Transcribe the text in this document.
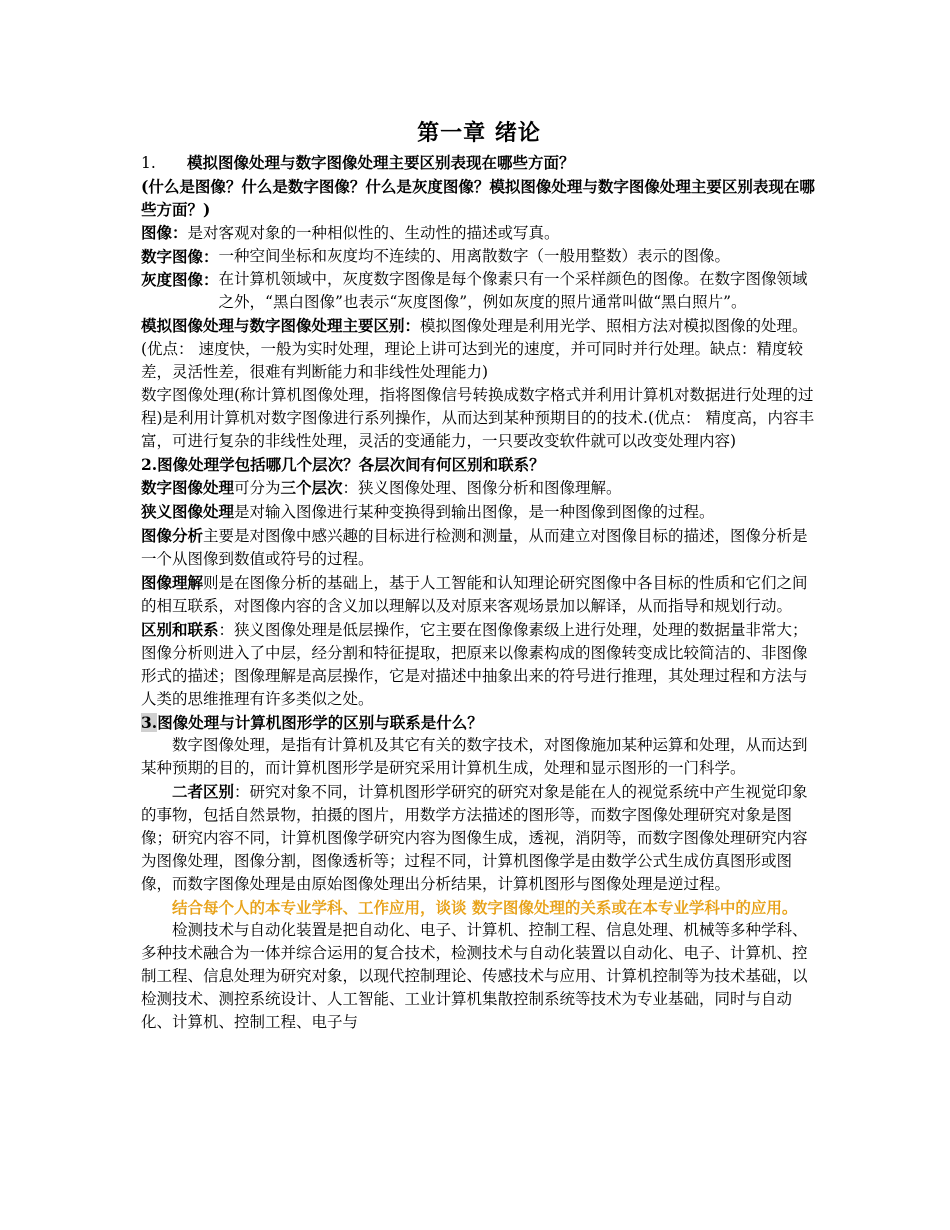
第一章 绪论

1. 模拟图像处理与数字图像处理主要区别表现在哪些方面？

(什么是图像？什么是数字图像？什么是灰度图像？模拟图像处理与数字图像处理主要区别表现在哪些方面？)

图像：是对客观对象的一种相似性的、生动性的描述或写真。

数字图像： 一种空间坐标和灰度均不连续的、用离散数字（一般用整数）表示的图像。
灰度图像： 在计算机领域中，灰度数字图像是每个像素只有一个采样颜色的图像。在数字图像领域之外，“黑白图像”也表示“灰度图像”，例如灰度的照片通常叫做“黑白照片”。

模拟图像处理与数字图像处理主要区别：模拟图像处理是利用光学、照相方法对模拟图像的处理。(优点： 速度快，一般为实时处理，理论上讲可达到光的速度，并可同时并行处理。缺点：精度较差，灵活性差，很难有判断能力和非线性处理能力)

数字图像处理(称计算机图像处理，指将图像信号转换成数字格式并利用计算机对数据进行处理的过程)是利用计算机对数字图像进行系列操作，从而达到某种预期目的的技术.(优点： 精度高，内容丰富，可进行复杂的非线性处理，灵活的变通能力，一只要改变软件就可以改变处理内容)

2.图像处理学包括哪几个层次？各层次间有何区别和联系？

数字图像处理可分为三个层次：狭义图像处理、图像分析和图像理解。

狭义图像处理是对输入图像进行某种变换得到输出图像，是一种图像到图像的过程。

图像分析主要是对图像中感兴趣的目标进行检测和测量，从而建立对图像目标的描述，图像分析是一个从图像到数值或符号的过程。

图像理解则是在图像分析的基础上，基于人工智能和认知理论研究图像中各目标的性质和它们之间的相互联系，对图像内容的含义加以理解以及对原来客观场景加以解译，从而指导和规划行动。

区别和联系：狭义图像处理是低层操作，它主要在图像像素级上进行处理，处理的数据量非常大；图像分析则进入了中层，经分割和特征提取，把原来以像素构成的图像转变成比较简洁的、非图像形式的描述；图像理解是高层操作，它是对描述中抽象出来的符号进行推理，其处理过程和方法与人类的思维推理有许多类似之处。

3.图像处理与计算机图形学的区别与联系是什么？

数字图像处理，是指有计算机及其它有关的数字技术，对图像施加某种运算和处理，从而达到某种预期的目的，而计算机图形学是研究采用计算机生成，处理和显示图形的一门科学。

二者区别：研究对象不同，计算机图形学研究的研究对象是能在人的视觉系统中产生视觉印象的事物，包括自然景物，拍摄的图片，用数学方法描述的图形等，而数字图像处理研究对象是图像；研究内容不同，计算机图像学研究内容为图像生成，透视，消阴等，而数字图像处理研究内容为图像处理，图像分割，图像透析等；过程不同，计算机图像学是由数学公式生成仿真图形或图像，而数字图像处理是由原始图像处理出分析结果，计算机图形与图像处理是逆过程。

结合每个人的本专业学科、工作应用，谈谈 数字图像处理的关系或在本专业学科中的应用。

检测技术与自动化装置是把自动化、电子、计算机、控制工程、信息处理、机械等多种学科、多种技术融合为一体并综合运用的复合技术，检测技术与自动化装置以自动化、电子、计算机、控制工程、信息处理为研究对象，以现代控制理论、传感技术与应用、计算机控制等为技术基础，以检测技术、测控系统设计、人工智能、工业计算机集散控制系统等技术为专业基础，同时与自动化、计算机、控制工程、电子与
